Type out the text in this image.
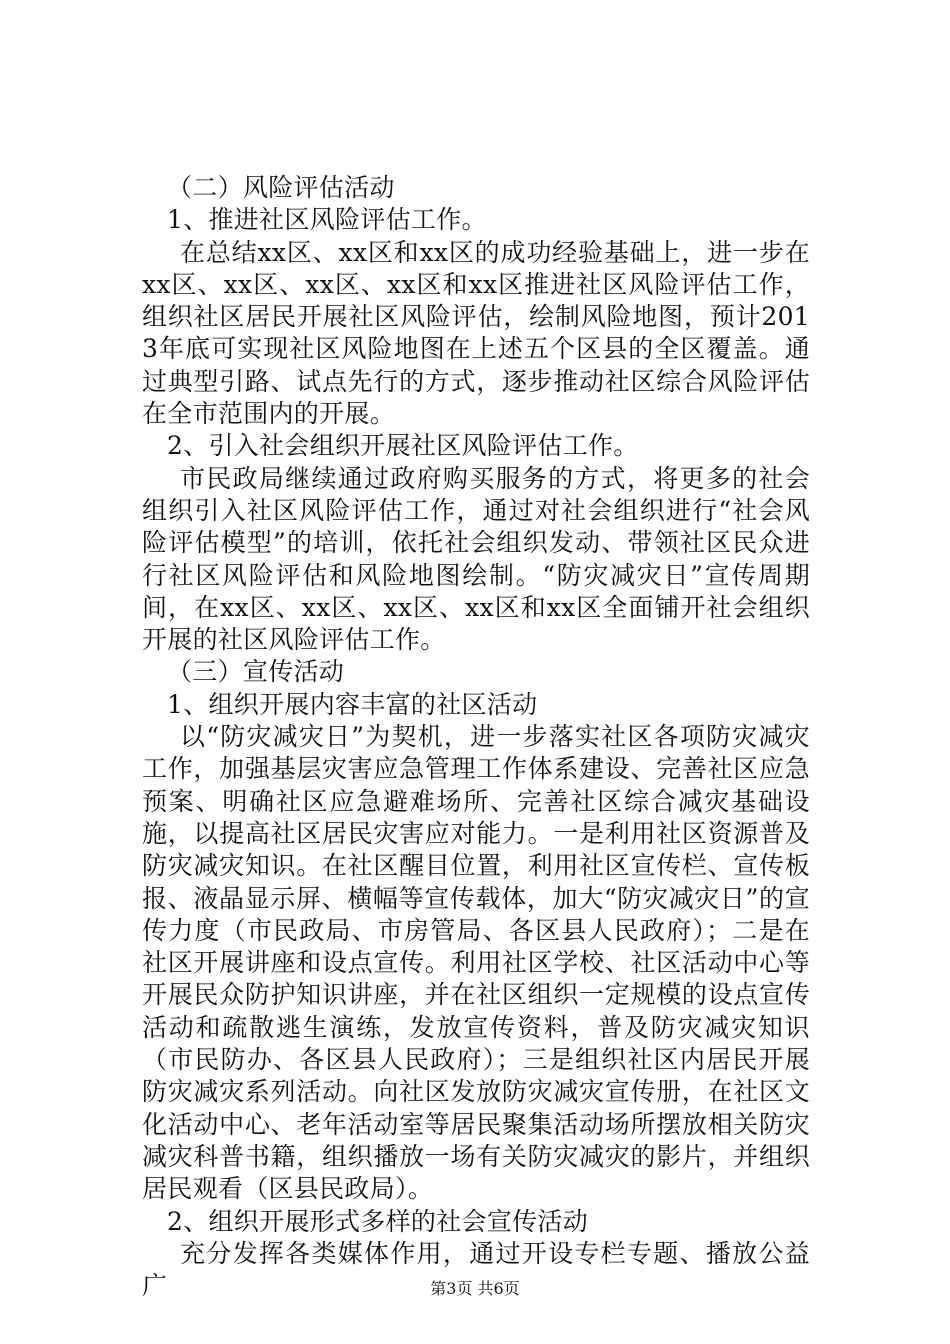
（二）风险评估活动

1、推进社区风险评估工作。

在总结xx区、xx区和xx区的成功经验基础上，进一步在xx区、xx区、xx区、xx区和xx区推进社区风险评估工作，组织社区居民开展社区风险评估，绘制风险地图，预计2013年底可实现社区风险地图在上述五个区县的全区覆盖。通过典型引路、试点先行的方式，逐步推动社区综合风险评估在全市范围内的开展。

2、引入社会组织开展社区风险评估工作。

市民政局继续通过政府购买服务的方式，将更多的社会组织引入社区风险评估工作，通过对社会组织进行“社会风险评估模型”的培训，依托社会组织发动、带领社区民众进行社区风险评估和风险地图绘制。“防灾减灾日”宣传周期间，在xx区、xx区、xx区、xx区和xx区全面铺开社会组织开展的社区风险评估工作。

（三）宣传活动

1、组织开展内容丰富的社区活动

以“防灾减灾日”为契机，进一步落实社区各项防灾减灾工作，加强基层灾害应急管理工作体系建设、完善社区应急预案、明确社区应急避难场所、完善社区综合减灾基础设施，以提高社区居民灾害应对能力。一是利用社区资源普及防灾减灾知识。在社区醒目位置，利用社区宣传栏、宣传板报、液晶显示屏、横幅等宣传载体，加大“防灾减灾日”的宣传力度（市民政局、市房管局、各区县人民政府）；二是在社区开展讲座和设点宣传。利用社区学校、社区活动中心等开展民众防护知识讲座，并在社区组织一定规模的设点宣传活动和疏散逃生演练，发放宣传资料，普及防灾减灾知识（市民防办、各区县人民政府）；三是组织社区内居民开展防灾减灾系列活动。向社区发放防灾减灾宣传册，在社区文化活动中心、老年活动室等居民聚集活动场所摆放相关防灾减灾科普书籍，组织播放一场有关防灾减灾的影片，并组织居民观看（区县民政局）。

2、组织开展形式多样的社会宣传活动

充分发挥各类媒体作用，通过开设专栏专题、播放公益广	第3页 共6页
